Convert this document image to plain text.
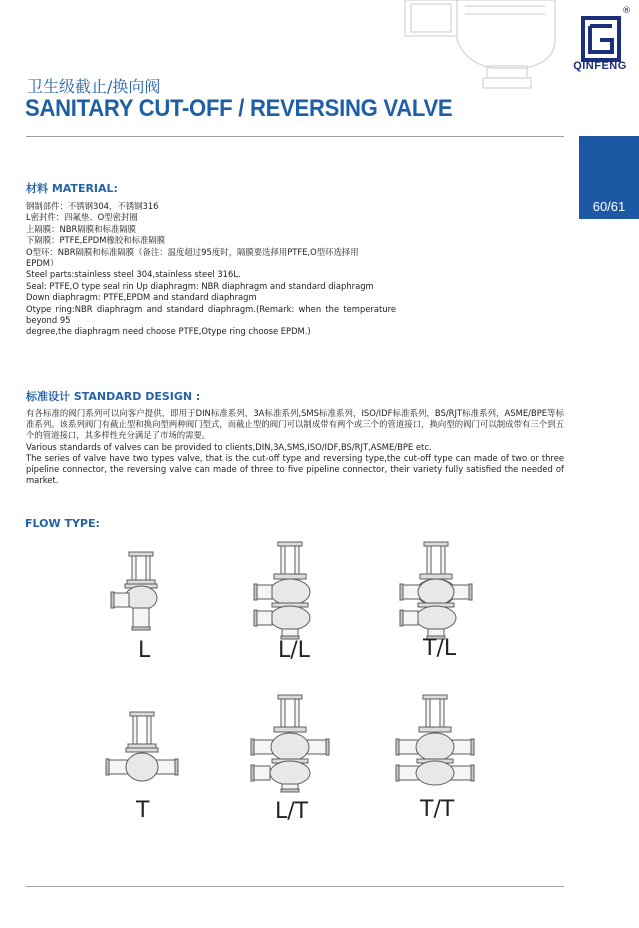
®
QINFENG
卫生级截止/换向阀
SANITARY CUT-OFF / REVERSING VALVE
60/61
材料 MATERIAL:
钢制部件：不锈钢304，不锈钢316
L密封件：四氟垫、O型密封圈
上隔膜：NBR隔膜和标准隔膜
下隔膜：PTFE,EPDM橡胶和标准隔膜
O型环：NBR隔膜和标准隔膜（备注：温度超过95度时，隔膜要选择用PTFE,O型环选择用
EPDM）
Steel parts:stainless steel 304,stainless steel 316L.
Seal: PTFE,O type seal rin Up diaphragm: NBR diaphragm and standard diaphragm
Down diaphragm: PTFE,EPDM and standard diaphragm
Otype ring:NBR diaphragm and standard diaphragm.(Remark: when the temperature
beyond 95
degree,the diaphragm need choose PTFE,Otype ring choose EPDM.)
标准设计 STANDARD DESIGN :

有各标准的阀门系列可以向客户提供，即用于DIN标准系列，3A标准系列,SMS标准系列，ISO/IDF标准系列，BS/RJT标准系列，ASME/BPE等标准系列。该系列阀门有截止型和换向型两种阀门型式，而截止型的阀门可以制成带有两个或三个的管道接口，换向型的阀门可以制成带有三个到五个的管道接口，其多样性充分满足了市场的需要。

Various standards of valves can be provided to clients,DIN,3A,SMS,ISO/IDF,BS/RJT,ASME/BPE etc.

The series of valve have two types valve, that is the cut-off type and reversing type,the cut-off type can made of two or three pipeline connector, the reversing valve can made of three to five pipeline connector, their variety fully satisfied the needed of market.

FLOW TYPE:
L	L/L	T/L
T	L/T	T/T
